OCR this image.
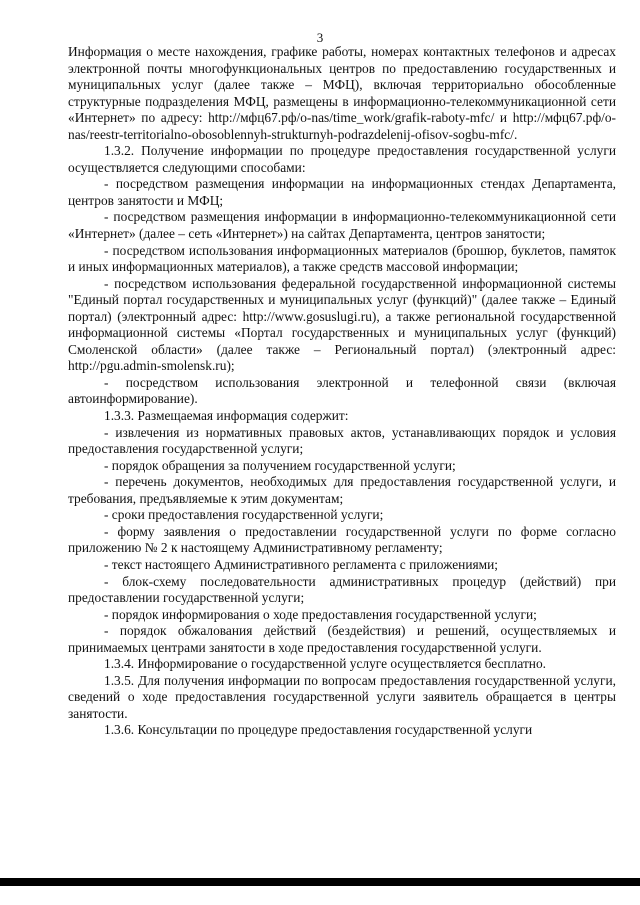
3

Информация о месте нахождения, графике работы, номерах контактных телефонов и адресах электронной почты многофункциональных центров по предоставлению государственных и муниципальных услуг (далее также – МФЦ), включая территориально обособленные структурные подразделения МФЦ, размещены в информационно-телекоммуникационной сети «Интернет» по адресу: http://мфц67.рф/o-nas/time_work/grafik-raboty-mfc/ и http://мфц67.рф/o-nas/reestr-territorialno-obosoblennyh-strukturnyh-podrazdelenij-ofisov-sogbu-mfc/.

1.3.2. Получение информации по процедуре предоставления государственной услуги осуществляется следующими способами:

- посредством размещения информации на информационных стендах Департамента, центров занятости и МФЦ;

- посредством размещения информации в информационно-телекоммуникационной сети «Интернет» (далее – сеть «Интернет») на сайтах Департамента, центров занятости;

- посредством использования информационных материалов (брошюр, буклетов, памяток и иных информационных материалов), а также средств массовой информации;

- посредством использования федеральной государственной информационной системы "Единый портал государственных и муниципальных услуг (функций)" (далее также – Единый портал) (электронный адрес: http://www.gosuslugi.ru), а также региональной государственной информационной системы «Портал государственных и муниципальных услуг (функций) Смоленской области» (далее также – Региональный портал) (электронный адрес: http://pgu.admin-smolensk.ru);

- посредством использования электронной и телефонной связи (включая автоинформирование).

1.3.3. Размещаемая информация содержит:

- извлечения из нормативных правовых актов, устанавливающих порядок и условия предоставления государственной услуги;

- порядок обращения за получением государственной услуги;

- перечень документов, необходимых для предоставления государственной услуги, и требования, предъявляемые к этим документам;

- сроки предоставления государственной услуги;

- форму заявления о предоставлении государственной услуги по форме согласно приложению № 2 к настоящему Административному регламенту;

- текст настоящего Административного регламента с приложениями;

- блок-схему последовательности административных процедур (действий) при предоставлении государственной услуги;

- порядок информирования о ходе предоставления государственной услуги;

- порядок обжалования действий (бездействия) и решений, осуществляемых и принимаемых центрами занятости в ходе предоставления государственной услуги.

1.3.4. Информирование о государственной услуге осуществляется бесплатно.

1.3.5. Для получения информации по вопросам предоставления государственной услуги, сведений о ходе предоставления государственной услуги заявитель обращается в центры занятости.

1.3.6. Консультации по процедуре предоставления государственной услуги
